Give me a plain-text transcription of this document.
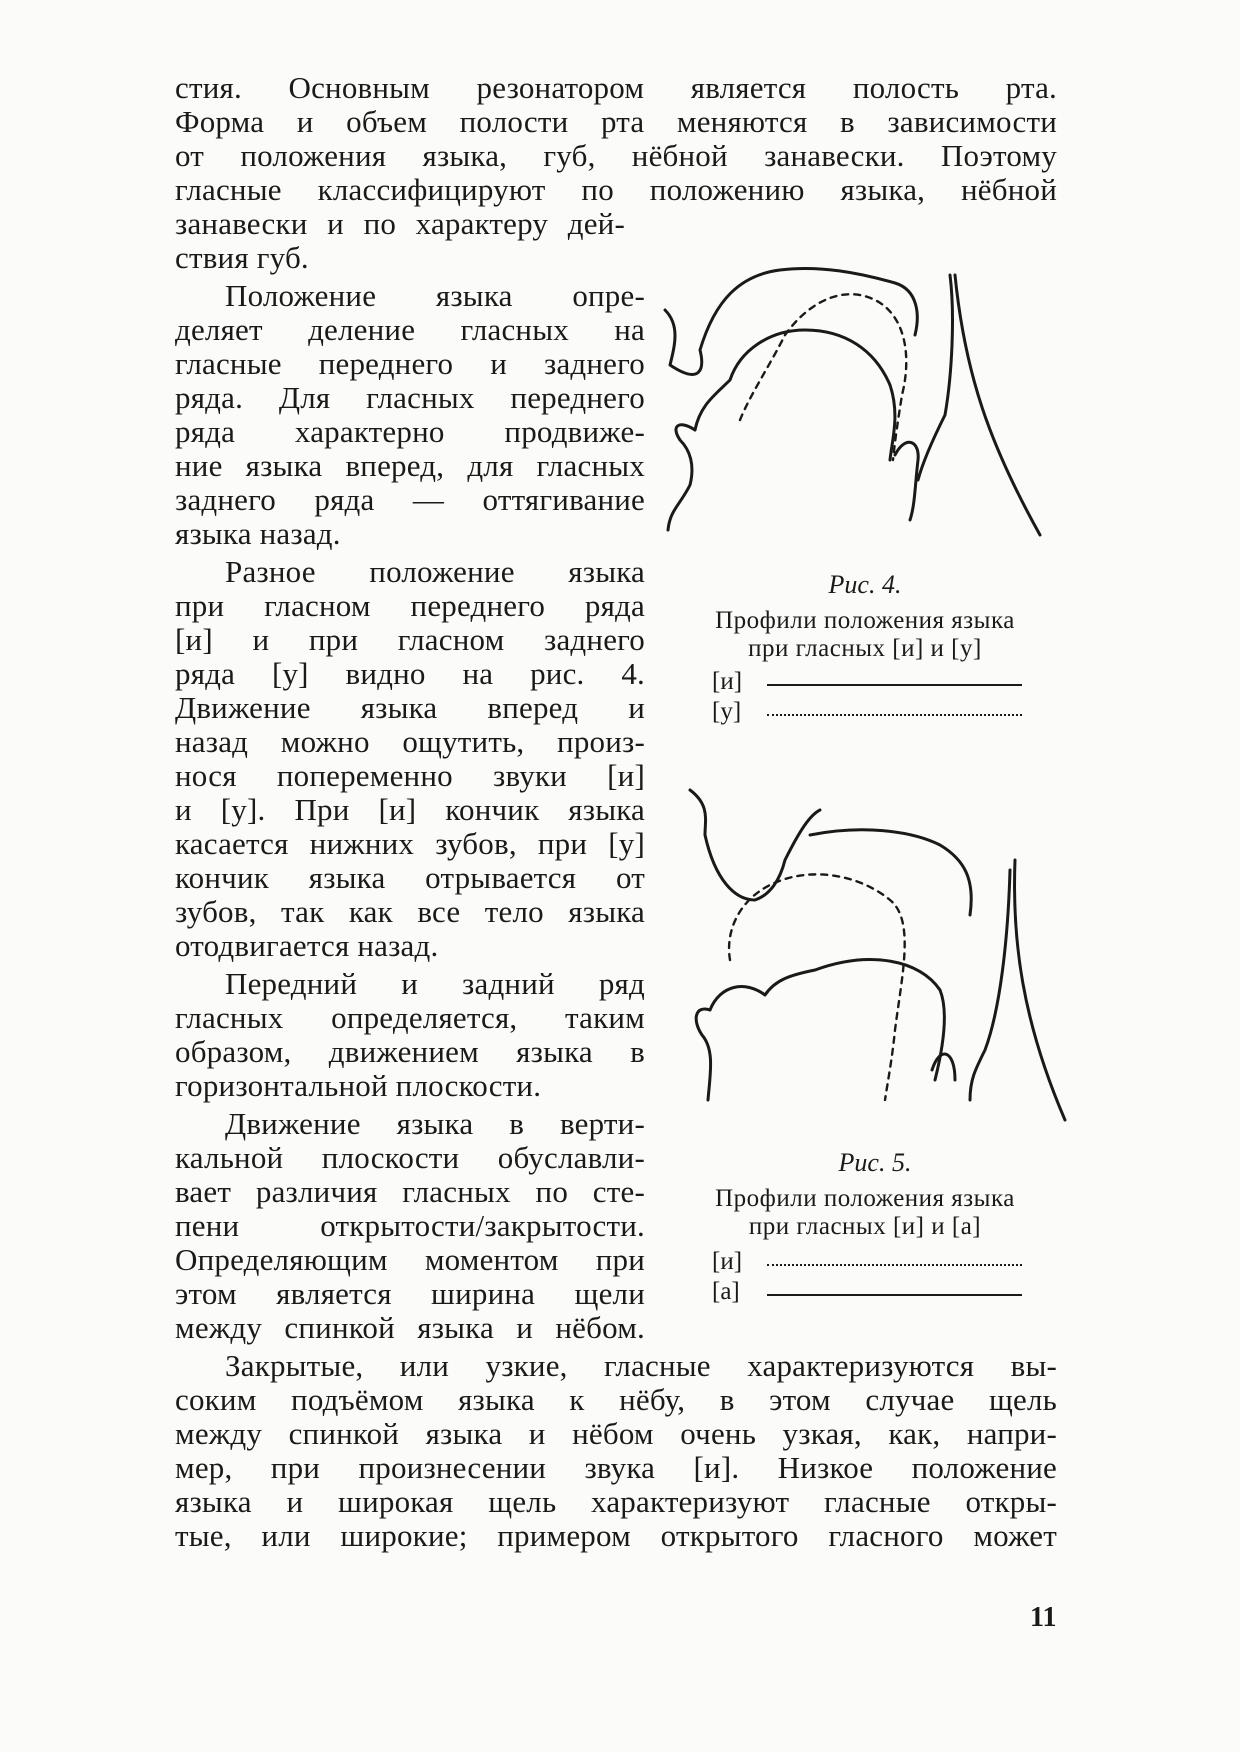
стия. Основным резонатором является полость рта.
Форма и объем полости рта меняются в зависимости
от положения языка, губ, нёбной занавески. Поэтому
гласные классифицируют по положению языка, нёбной
занавески и по характеру дей-
ствия губ.
Положение языка опре-
деляет деление гласных на
гласные переднего и заднего
ряда. Для гласных переднего
ряда характерно продвиже-
ние языка вперед, для гласных
заднего ряда — оттягивание
языка назад.
Разное положение языка
при гласном переднего ряда
[и] и при гласном заднего
ряда [у] видно на рис. 4.
Движение языка вперед и
назад можно ощутить, произ-
нося попеременно звуки [и]
и [у]. При [и] кончик языка
касается нижних зубов, при [у]
кончик языка отрывается от
зубов, так как все тело языка
отодвигается назад.
Передний и задний ряд
гласных определяется, таким
образом, движением языка в
горизонтальной плоскости.
Движение языка в верти-
кальной плоскости обуславли-
вает различия гласных по сте-
пени открытости/закрытости.
Определяющим моментом при
этом является ширина щели
между спинкой языка и нёбом.
Закрытые, или узкие, гласные характеризуются вы-
соким подъёмом языка к нёбу, в этом случае щель
между спинкой языка и нёбом очень узкая, как, напри-
мер, при произнесении звука [и]. Низкое положение
языка и широкая щель характеризуют гласные откры-
тые, или широкие; примером открытого гласного может
Рис. 4.
Профили положения языка
при гласных [и] и [у]
[и]
[у]
Рис. 5.
Профили положения языка
при гласных [и] и [а]
[и]
[а]
11
